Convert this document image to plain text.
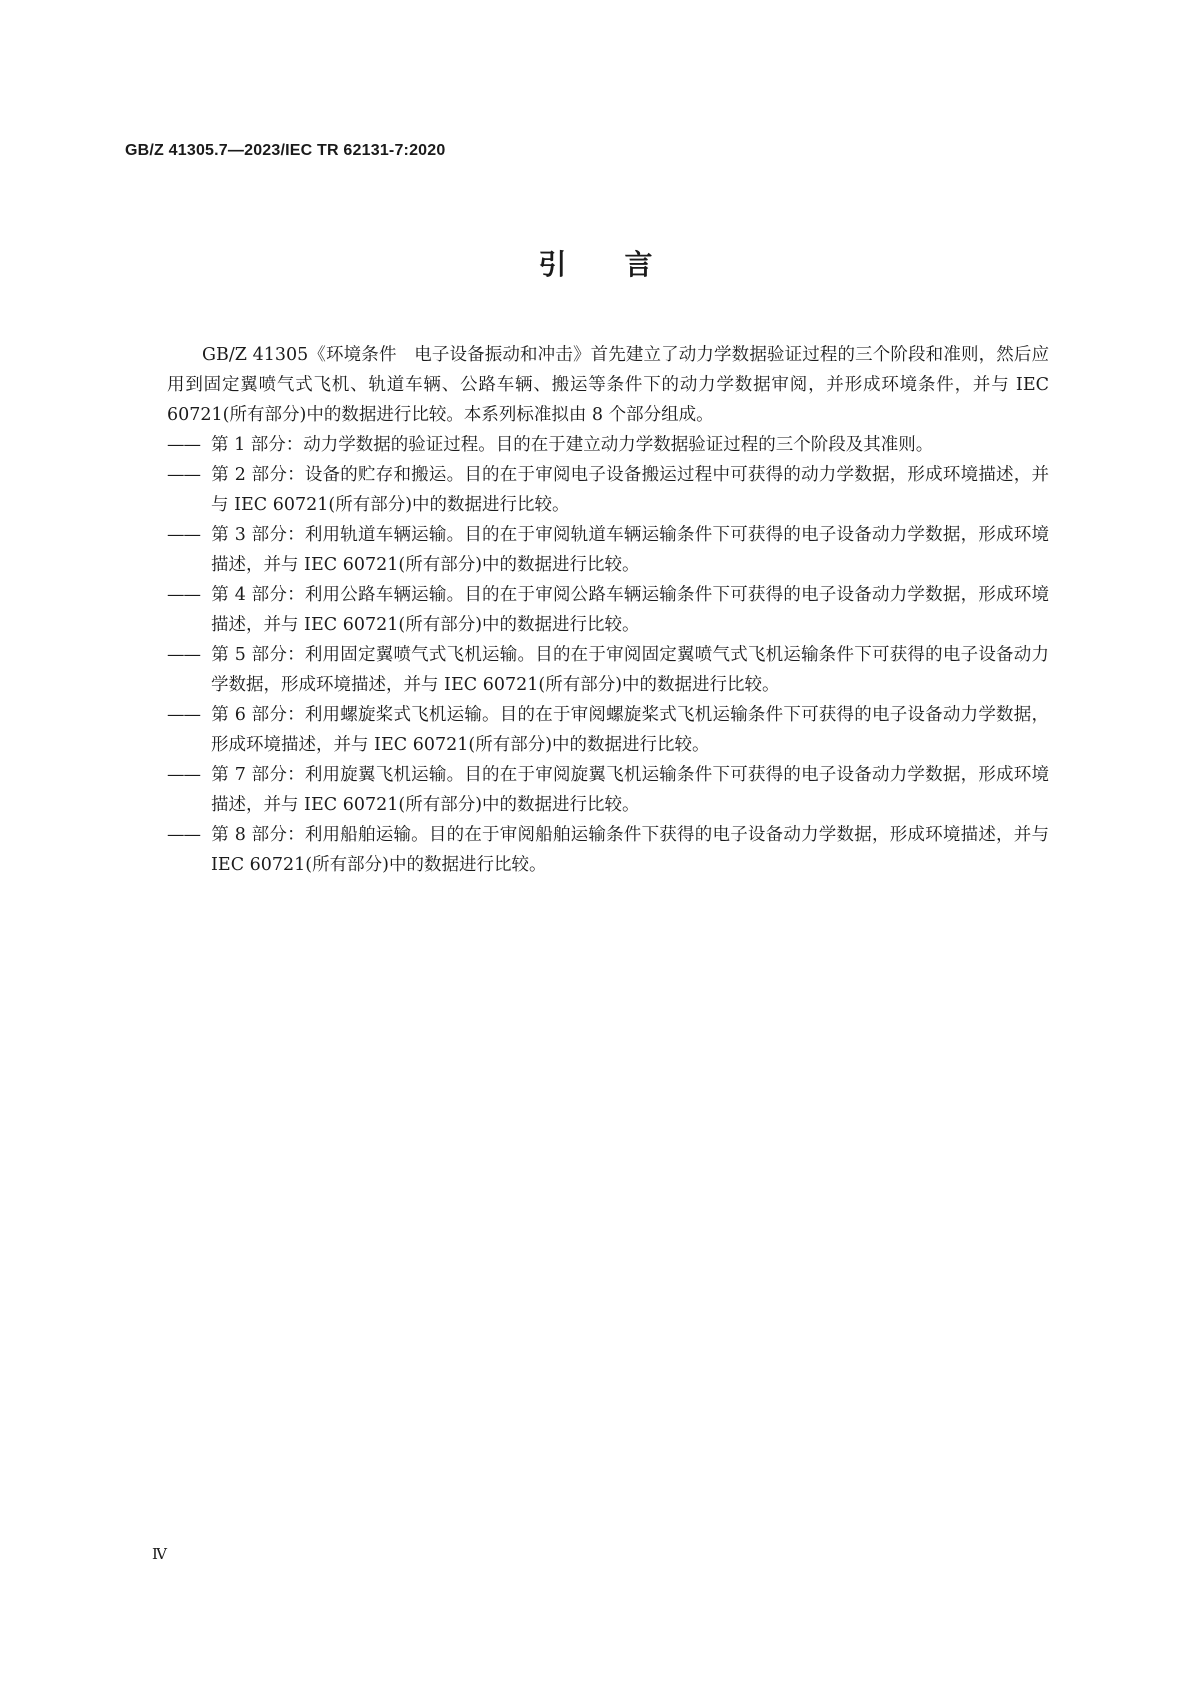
GB/Z 41305.7—2023/IEC TR 62131-7:2020
引言

GB/Z 41305《环境条件　电子设备振动和冲击》首先建立了动力学数据验证过程的三个阶段和准则，然后应用到固定翼喷气式飞机、轨道车辆、公路车辆、搬运等条件下的动力学数据审阅，并形成环境条件，并与 IEC 60721(所有部分)中的数据进行比较。本系列标准拟由 8 个部分组成。

—— 第 1 部分：动力学数据的验证过程。目的在于建立动力学数据验证过程的三个阶段及其准则。
—— 第 2 部分：设备的贮存和搬运。目的在于审阅电子设备搬运过程中可获得的动力学数据，形成环境描述，并与 IEC 60721(所有部分)中的数据进行比较。
—— 第 3 部分：利用轨道车辆运输。目的在于审阅轨道车辆运输条件下可获得的电子设备动力学数据，形成环境描述，并与 IEC 60721(所有部分)中的数据进行比较。
—— 第 4 部分：利用公路车辆运输。目的在于审阅公路车辆运输条件下可获得的电子设备动力学数据，形成环境描述，并与 IEC 60721(所有部分)中的数据进行比较。
—— 第 5 部分：利用固定翼喷气式飞机运输。目的在于审阅固定翼喷气式飞机运输条件下可获得的电子设备动力学数据，形成环境描述，并与 IEC 60721(所有部分)中的数据进行比较。
—— 第 6 部分：利用螺旋桨式飞机运输。目的在于审阅螺旋桨式飞机运输条件下可获得的电子设备动力学数据，形成环境描述，并与 IEC 60721(所有部分)中的数据进行比较。
—— 第 7 部分：利用旋翼飞机运输。目的在于审阅旋翼飞机运输条件下可获得的电子设备动力学数据，形成环境描述，并与 IEC 60721(所有部分)中的数据进行比较。
—— 第 8 部分：利用船舶运输。目的在于审阅船舶运输条件下获得的电子设备动力学数据，形成环境描述，并与 IEC 60721(所有部分)中的数据进行比较。
Ⅳ
